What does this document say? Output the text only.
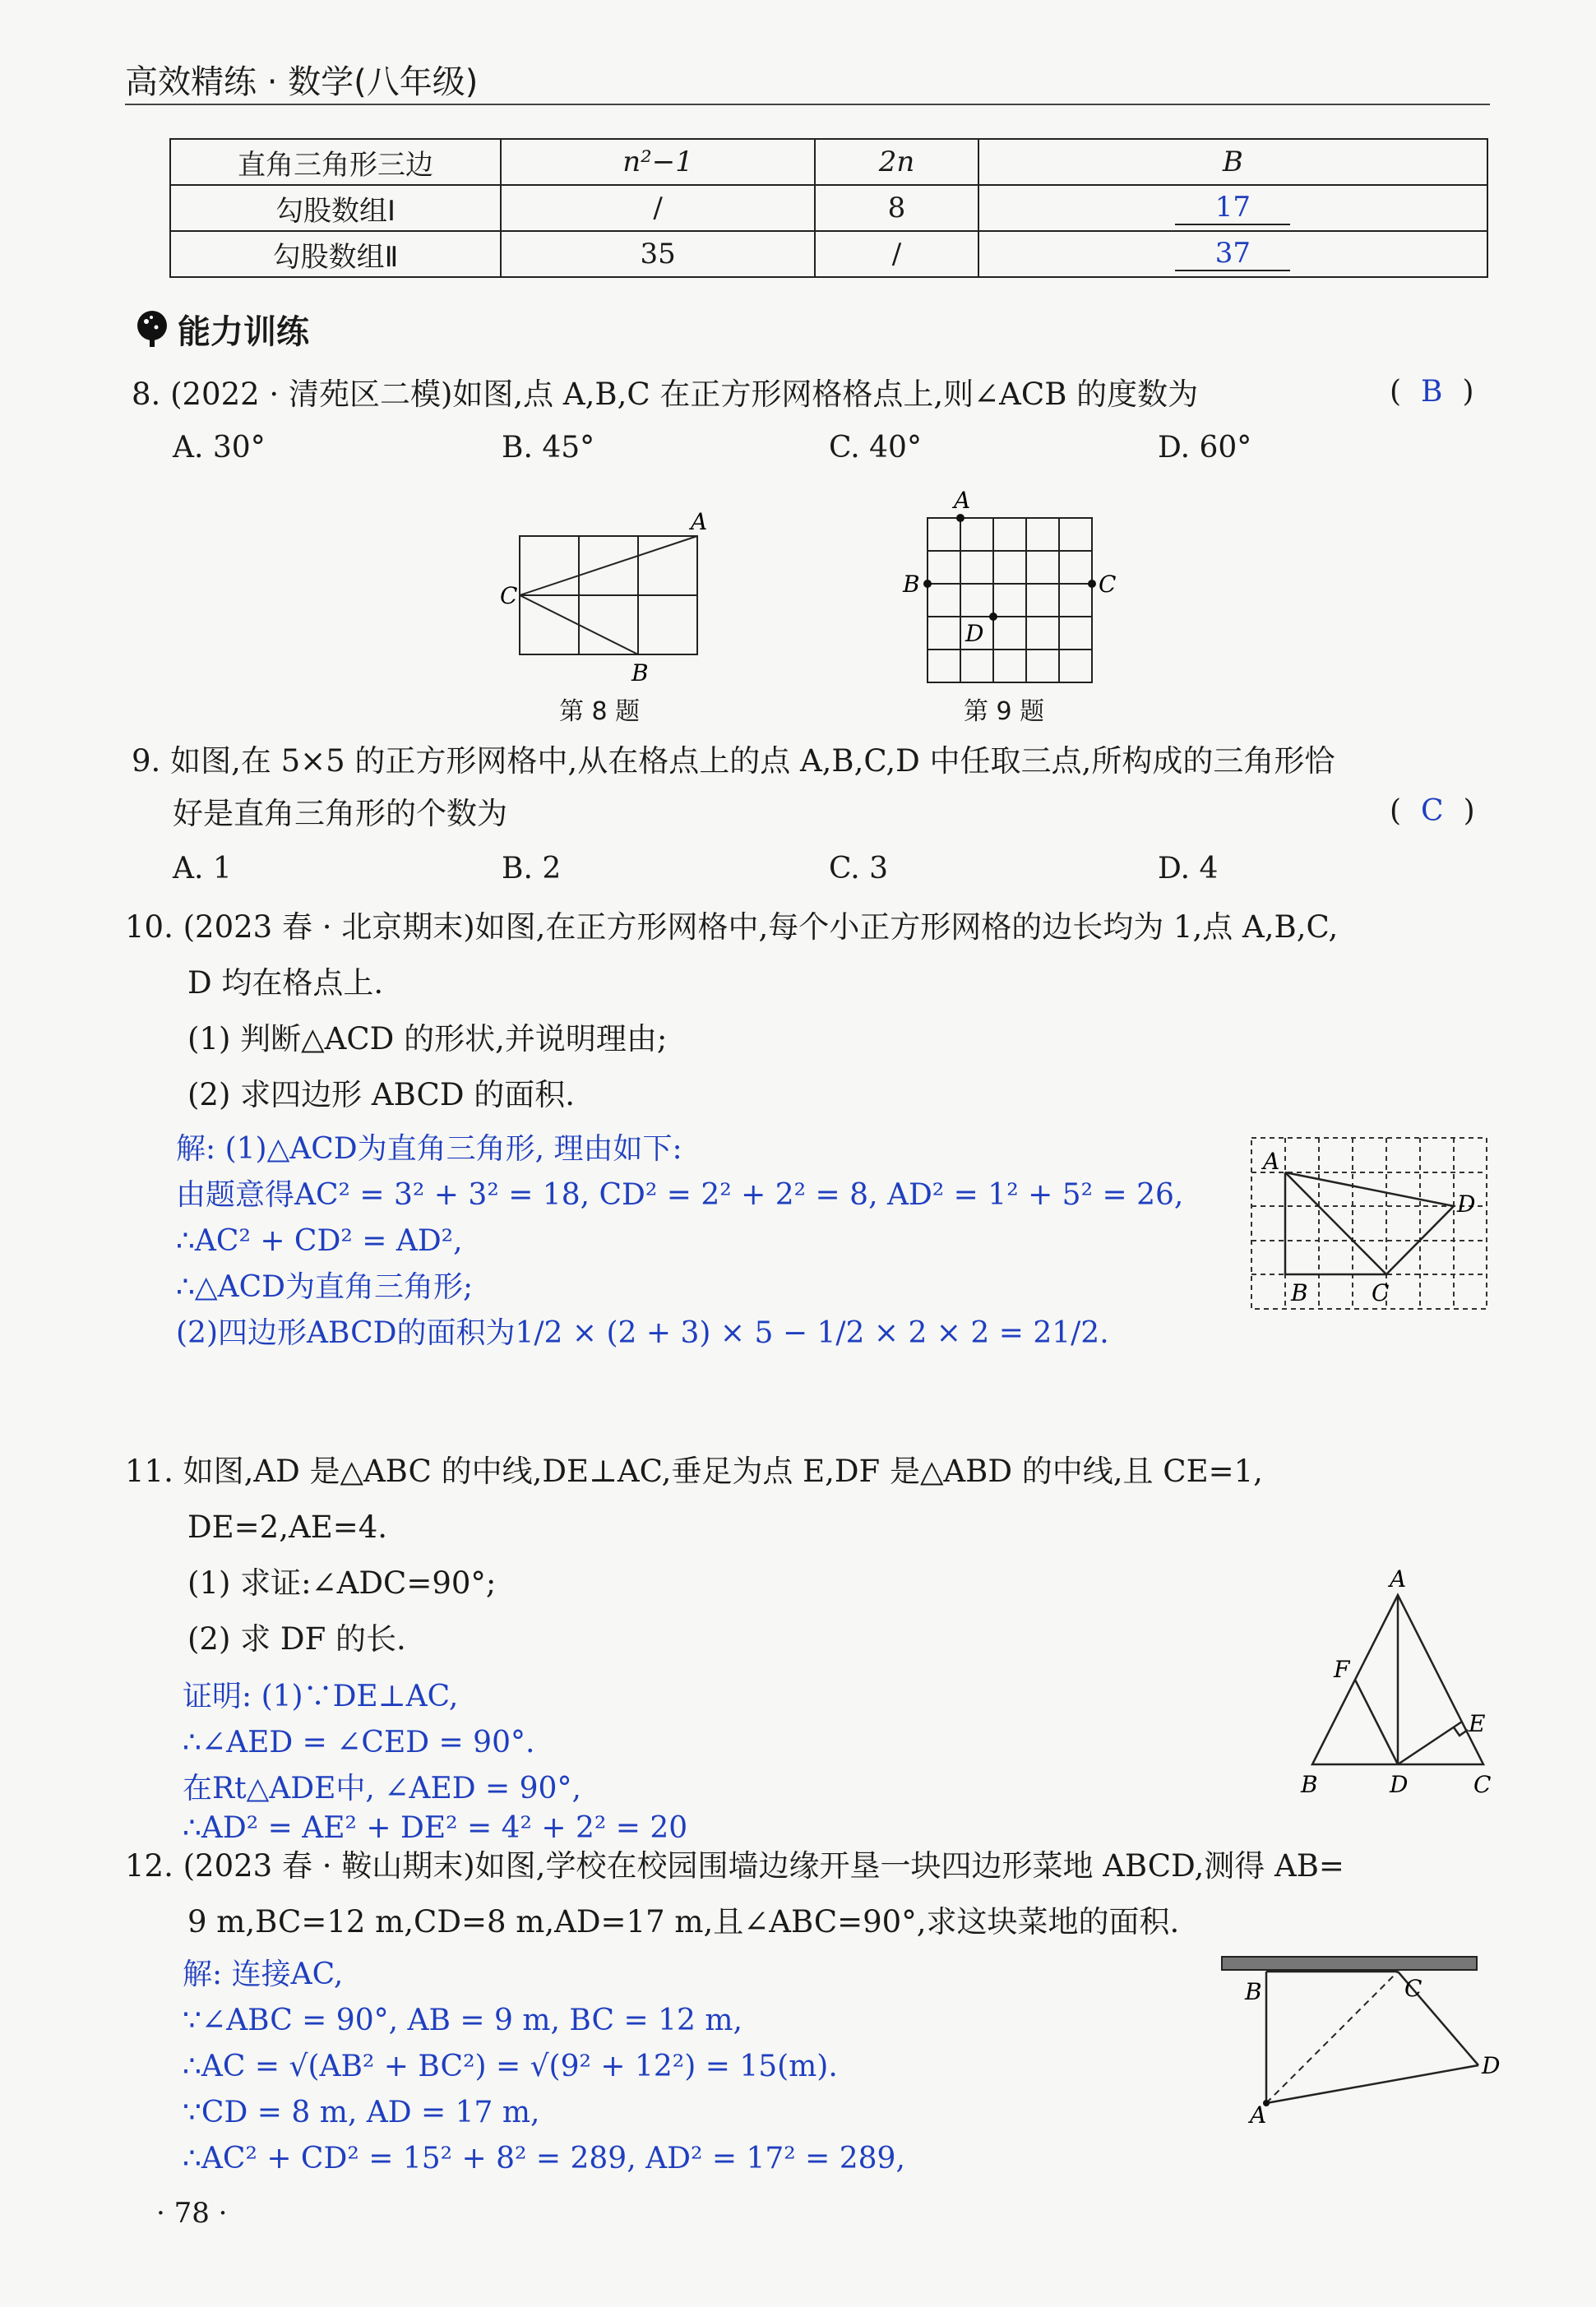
高效精练 · 数学(八年级)
直角三角形三边	n²−1	2n	B
勾股数组Ⅰ	/	8	17
勾股数组Ⅱ	35	/	37
能力训练
8. (2022 · 清苑区二模)如图,点 A,B,C 在正方形网格格点上,则∠ACB 的度数为	( B )
A. 30°	B. 45°	C. 40°	D. 60°
A
C
B
第 8 题
A
B	C
D
第 9 题
9. 如图,在 5×5 的正方形网格中,从在格点上的点 A,B,C,D 中任取三点,所构成的三角形恰
好是直角三角形的个数为	( C )
A. 1	B. 2	C. 3	D. 4
10. (2023 春 · 北京期末)如图,在正方形网格中,每个小正方形网格的边长均为 1,点 A,B,C,
D 均在格点上.
(1) 判断△ACD 的形状,并说明理由;
(2) 求四边形 ABCD 的面积.
解: (1)△ACD为直角三角形, 理由如下:
由题意得AC² = 3² + 3² = 18, CD² = 2² + 2² = 8, AD² = 1² + 5² = 26,
∴AC² + CD² = AD²,
∴△ACD为直角三角形;
(2)四边形ABCD的面积为1/2 × (2 + 3) × 5 − 1/2 × 2 × 2 = 21/2.
A
D
B	C
11. 如图,AD 是△ABC 的中线,DE⊥AC,垂足为点 E,DF 是△ABD 的中线,且 CE=1,
DE=2,AE=4.
(1) 求证:∠ADC=90°;
(2) 求 DF 的长.
证明: (1)∵DE⊥AC,
∴∠AED = ∠CED = 90°.
在Rt△ADE中, ∠AED = 90°,
∴AD² = AE² + DE² = 4² + 2² = 20
A
F
E
B	D	C
12. (2023 春 · 鞍山期末)如图,学校在校园围墙边缘开垦一块四边形菜地 ABCD,测得 AB=
9 m,BC=12 m,CD=8 m,AD=17 m,且∠ABC=90°,求这块菜地的面积.
解: 连接AC,
∵∠ABC = 90°, AB = 9 m, BC = 12 m,
∴AC = √(AB² + BC²) = √(9² + 12²) = 15(m).
∵CD = 8 m, AD = 17 m,
∴AC² + CD² = 15² + 8² = 289, AD² = 17² = 289,
B	C
D
A
· 78 ·
